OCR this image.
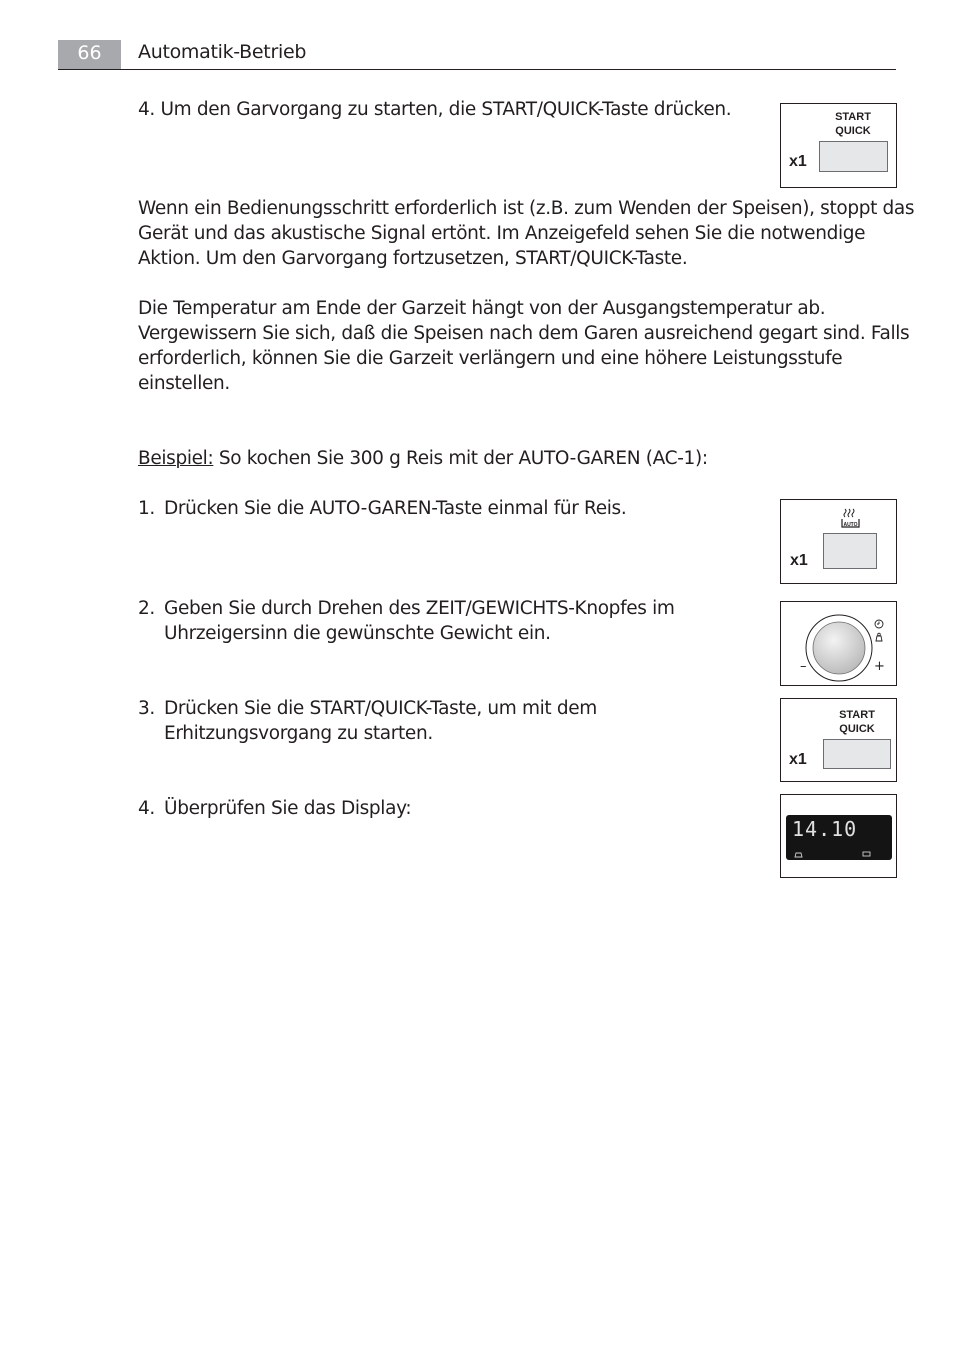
66	Automatik-Betrieb
4. Um den Garvorgang zu starten, die START/QUICK-Taste drücken.	START
QUICK
x1
Wenn ein Bedienungsschritt erforderlich ist (z.B. zum Wenden der Speisen), stoppt das
Gerät und das akustische Signal ertönt. Im Anzeigefeld sehen Sie die notwendige
Aktion. Um den Garvorgang fortzusetzen, START/QUICK-Taste.
Die Temperatur am Ende der Garzeit hängt von der Ausgangstemperatur ab.
Vergewissern Sie sich, daß die Speisen nach dem Garen ausreichend gegart sind. Falls
erforderlich, können Sie die Garzeit verlängern und eine höhere Leistungsstufe
einstellen.
Beispiel: So kochen Sie 300 g Reis mit der AUTO-GAREN (AC-1):
1. Drücken Sie die AUTO-GAREN-Taste einmal für Reis.
AUTO
x1
2. Geben Sie durch Drehen des ZEIT/GEWICHTS-Knopfes im
Uhrzeigersinn die gewünschte Gewicht ein.
–	+
3. Drücken Sie die START/QUICK-Taste, um mit dem
Erhitzungsvorgang zu starten.
START
QUICK
x1
4. Überprüfen Sie das Display:
14.10
